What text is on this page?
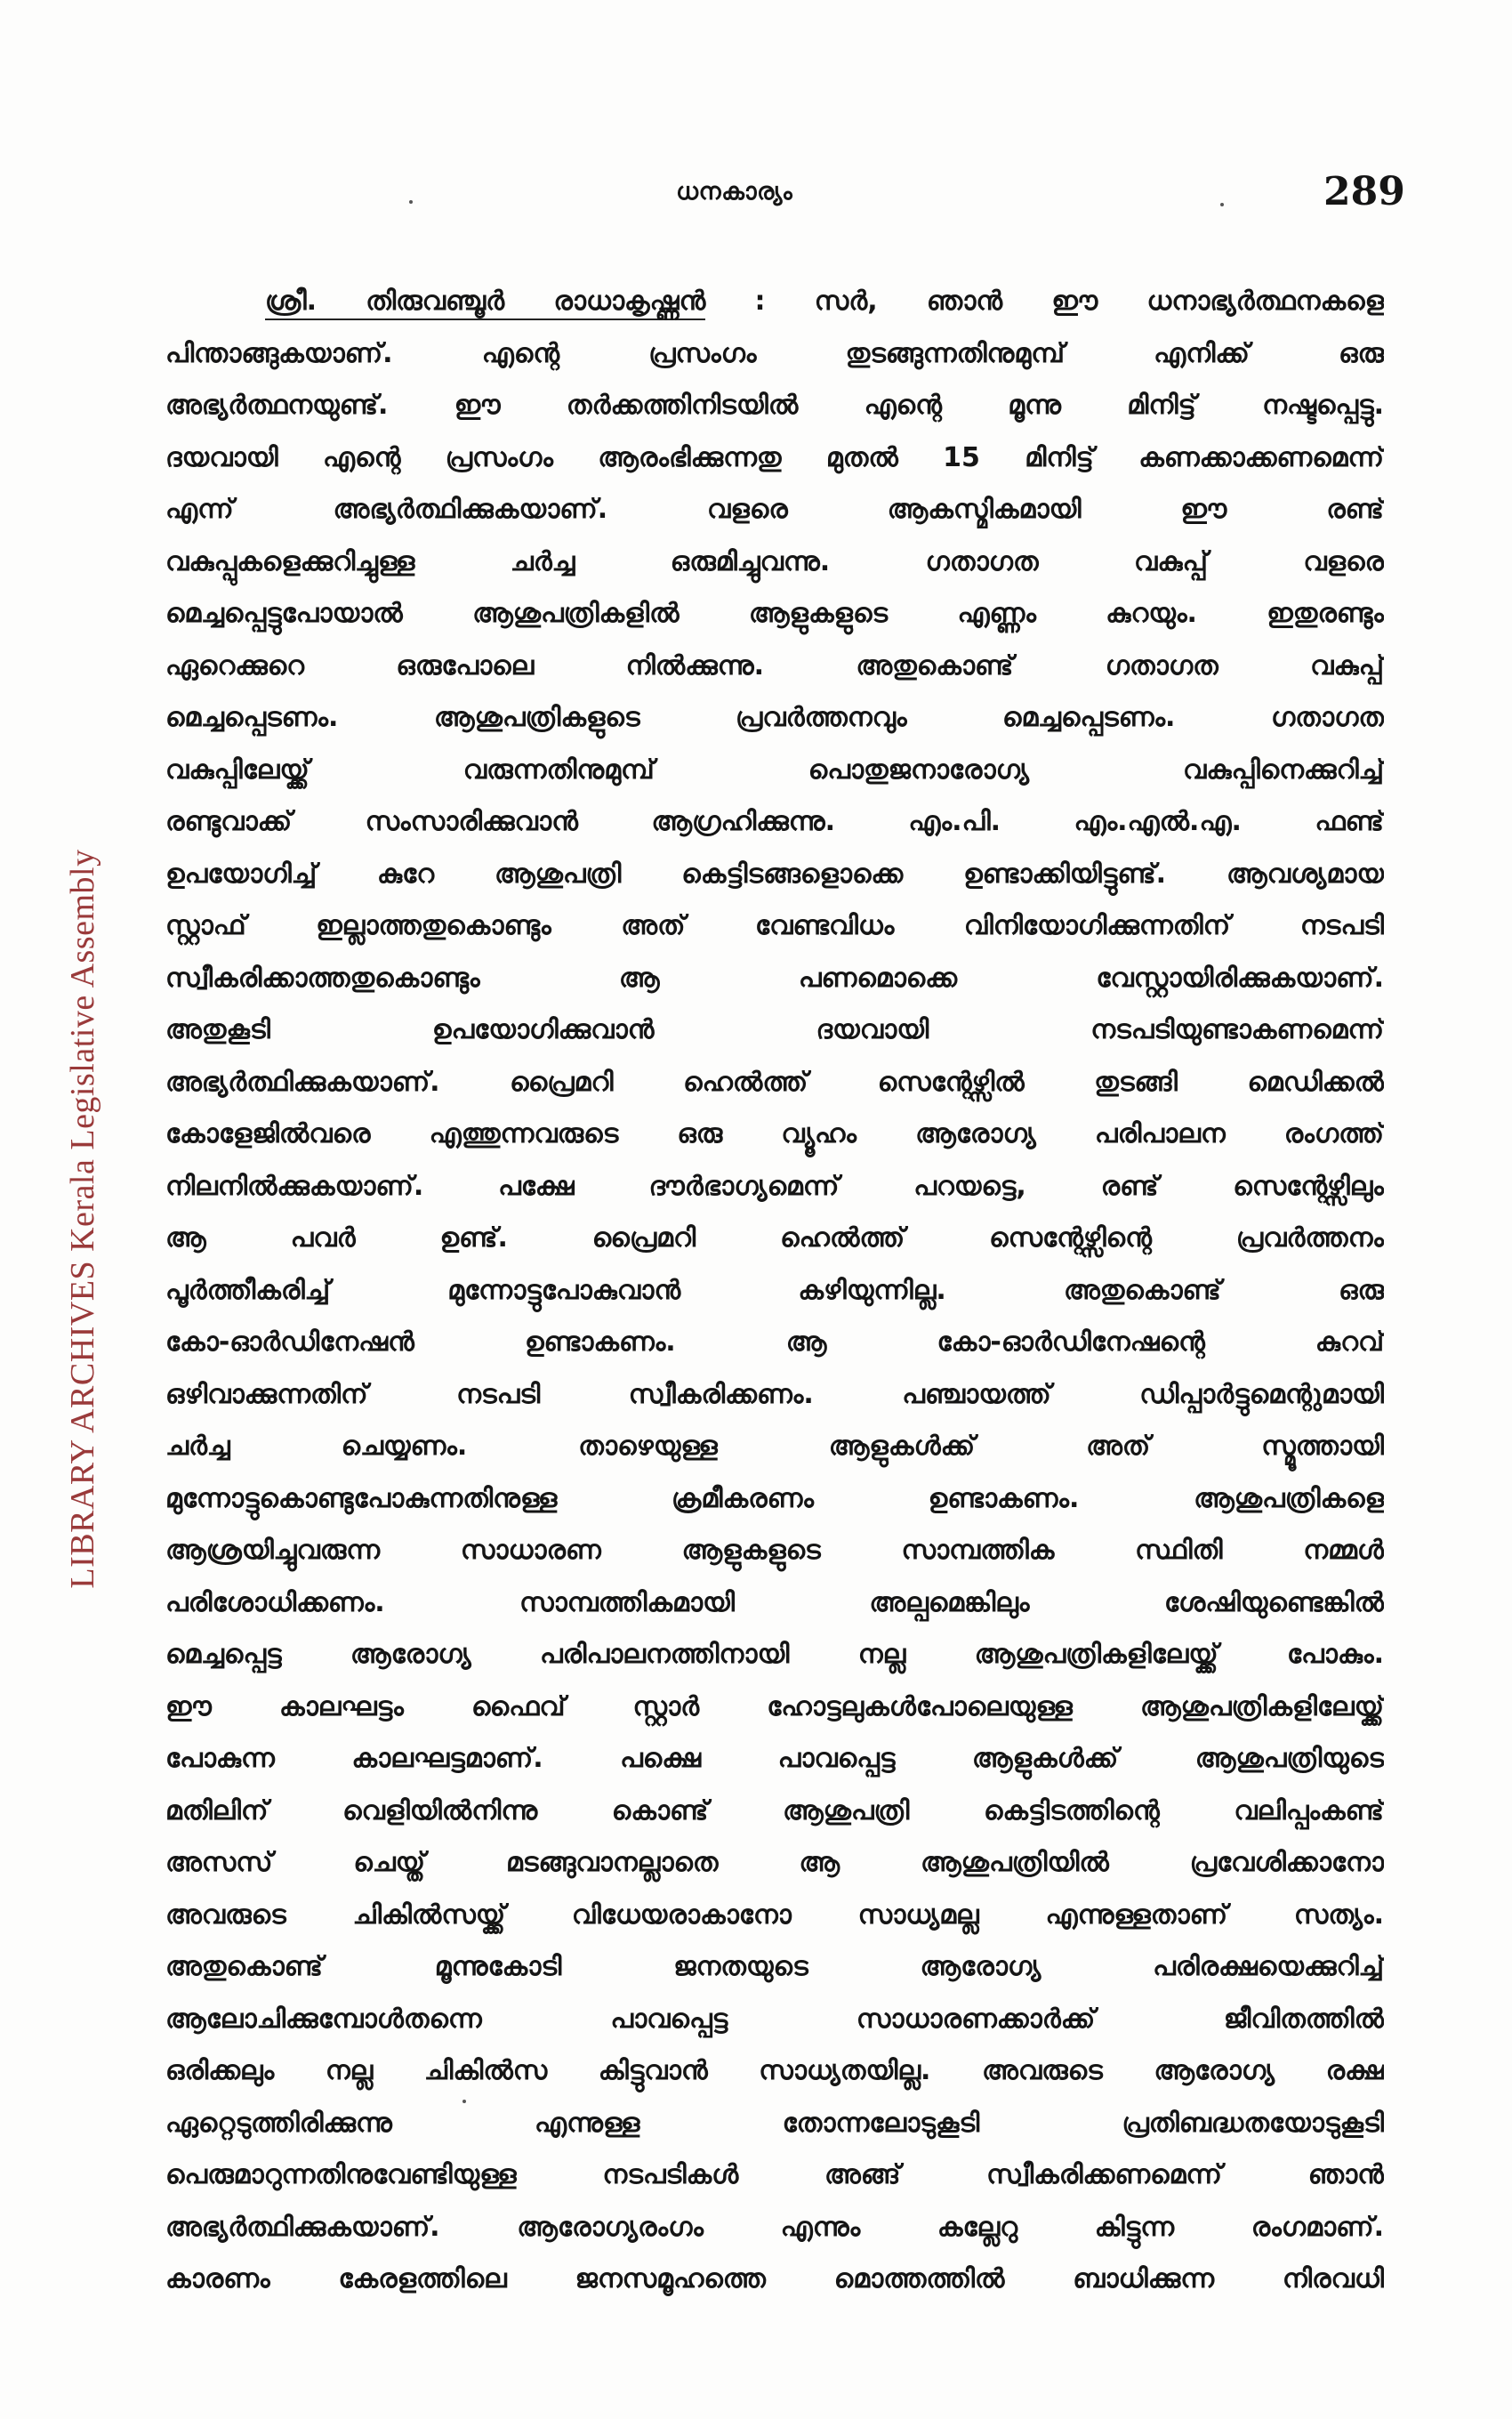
ധനകാര്യം	289
LIBRARY ARCHIVES Kerala Legislative Assembly
ശ്രീ. തിരുവഞ്ചൂർ രാധാകൃഷ്ണൻ : സർ, ഞാൻ ഈ ധനാഭ്യർത്ഥനകളെ
പിന്താങ്ങുകയാണ്. എന്റെ പ്രസംഗം തുടങ്ങുന്നതിനുമുമ്പ് എനിക്ക് ഒരു
അഭ്യർത്ഥനയുണ്ട്. ഈ തർക്കത്തിനിടയിൽ എന്റെ മൂന്നു മിനിട്ട് നഷ്ടപ്പെട്ടു.
ദയവായി എന്റെ പ്രസംഗം ആരംഭിക്കുന്നതു മുതൽ 15 മിനിട്ട് കണക്കാക്കണമെന്ന്
എന്ന് അഭ്യർത്ഥിക്കുകയാണ്. വളരെ ആകസ്മികമായി ഈ രണ്ട്
വകുപ്പുകളെക്കുറിച്ചുള്ള ചർച്ച ഒരുമിച്ചുവന്നു. ഗതാഗത വകുപ്പ് വളരെ
മെച്ചപ്പെട്ടുപോയാൽ ആശുപത്രികളിൽ ആളുകളുടെ എണ്ണം കുറയും. ഇതുരണ്ടും
ഏറെക്കുറെ ഒരുപോലെ നിൽക്കുന്നു. അതുകൊണ്ട് ഗതാഗത വകുപ്പ്
മെച്ചപ്പെടണം. ആശുപത്രികളുടെ പ്രവർത്തനവും മെച്ചപ്പെടണം. ഗതാഗത
വകുപ്പിലേയ്ക്ക് വരുന്നതിനുമുമ്പ് പൊതുജനാരോഗ്യ വകുപ്പിനെക്കുറിച്ച്
രണ്ടുവാക്ക് സംസാരിക്കുവാൻ ആഗ്രഹിക്കുന്നു. എം.പി. എം.എൽ.എ. ഫണ്ട്
ഉപയോഗിച്ച് കുറേ ആശുപത്രി കെട്ടിടങ്ങളൊക്കെ ഉണ്ടാക്കിയിട്ടുണ്ട്. ആവശ്യമായ
സ്റ്റാഫ് ഇല്ലാത്തതുകൊണ്ടും അത് വേണ്ടവിധം വിനിയോഗിക്കുന്നതിന് നടപടി
സ്വീകരിക്കാത്തതുകൊണ്ടും ആ പണമൊക്കെ വേസ്റ്റായിരിക്കുകയാണ്.
അതുകൂടി ഉപയോഗിക്കുവാൻ ദയവായി നടപടിയുണ്ടാകണമെന്ന്
അഭ്യർത്ഥിക്കുകയാണ്. പ്രൈമറി ഹെൽത്ത് സെന്റേഴ്സിൽ തുടങ്ങി മെഡിക്കൽ
കോളേജിൽവരെ എത്തുന്നവരുടെ ഒരു വ്യൂഹം ആരോഗ്യ പരിപാലന രംഗത്ത്
നിലനിൽക്കുകയാണ്. പക്ഷേ ദൗർഭാഗ്യമെന്ന് പറയട്ടെ, രണ്ട് സെന്റേഴ്സിലും
ആ പവർ ഉണ്ട്. പ്രൈമറി ഹെൽത്ത് സെന്റേഴ്സിന്റെ പ്രവർത്തനം
പൂർത്തീകരിച്ച് മുന്നോട്ടുപോകുവാൻ കഴിയുന്നില്ല. അതുകൊണ്ട് ഒരു
കോ-ഓർഡിനേഷൻ ഉണ്ടാകണം. ആ കോ-ഓർഡിനേഷന്റെ കുറവ്
ഒഴിവാക്കുന്നതിന് നടപടി സ്വീകരിക്കണം. പഞ്ചായത്ത് ഡിപ്പാർട്ടുമെന്റുമായി
ചർച്ച ചെയ്യണം. താഴെയുള്ള ആളുകൾക്ക് അത് സ്മൂത്തായി
മുന്നോട്ടുകൊണ്ടുപോകുന്നതിനുള്ള ക്രമീകരണം ഉണ്ടാകണം. ആശുപത്രികളെ
ആശ്രയിച്ചുവരുന്ന സാധാരണ ആളുകളുടെ സാമ്പത്തിക സ്ഥിതി നമ്മൾ
പരിശോധിക്കണം. സാമ്പത്തികമായി അല്പമെങ്കിലും ശേഷിയുണ്ടെങ്കിൽ
മെച്ചപ്പെട്ട ആരോഗ്യ പരിപാലനത്തിനായി നല്ല ആശുപത്രികളിലേയ്ക്ക് പോകും.
ഈ കാലഘട്ടം ഫൈവ് സ്റ്റാർ ഹോട്ടലുകൾപോലെയുള്ള ആശുപത്രികളിലേയ്ക്ക്
പോകുന്ന കാലഘട്ടമാണ്. പക്ഷെ പാവപ്പെട്ട ആളുകൾക്ക് ആശുപത്രിയുടെ
മതിലിന് വെളിയിൽനിന്നു കൊണ്ട് ആശുപത്രി കെട്ടിടത്തിന്റെ വലിപ്പംകണ്ട്
അസസ് ചെയ്ത് മടങ്ങുവാനല്ലാതെ ആ ആശുപത്രിയിൽ പ്രവേശിക്കാനോ
അവരുടെ ചികിൽസയ്ക്ക് വിധേയരാകാനോ സാധ്യമല്ല എന്നുള്ളതാണ് സത്യം.
അതുകൊണ്ട് മൂന്നുകോടി ജനതയുടെ ആരോഗ്യ പരിരക്ഷയെക്കുറിച്ച്
ആലോചിക്കുമ്പോൾതന്നെ പാവപ്പെട്ട സാധാരണക്കാർക്ക് ജീവിതത്തിൽ
ഒരിക്കലും നല്ല ചികിൽസ കിട്ടുവാൻ സാധ്യതയില്ല. അവരുടെ ആരോഗ്യ രക്ഷ
ഏറ്റെടുത്തിരിക്കുന്നു എന്നുള്ള തോന്നലോടുകൂടി പ്രതിബദ്ധതയോടുകൂടി
പെരുമാറുന്നതിനുവേണ്ടിയുള്ള നടപടികൾ അങ്ങ് സ്വീകരിക്കണമെന്ന് ഞാൻ
അഭ്യർത്ഥിക്കുകയാണ്. ആരോഗ്യരംഗം എന്നും കല്ലേറു കിട്ടുന്ന രംഗമാണ്.
കാരണം കേരളത്തിലെ ജനസമൂഹത്തെ മൊത്തത്തിൽ ബാധിക്കുന്ന നിരവധി
